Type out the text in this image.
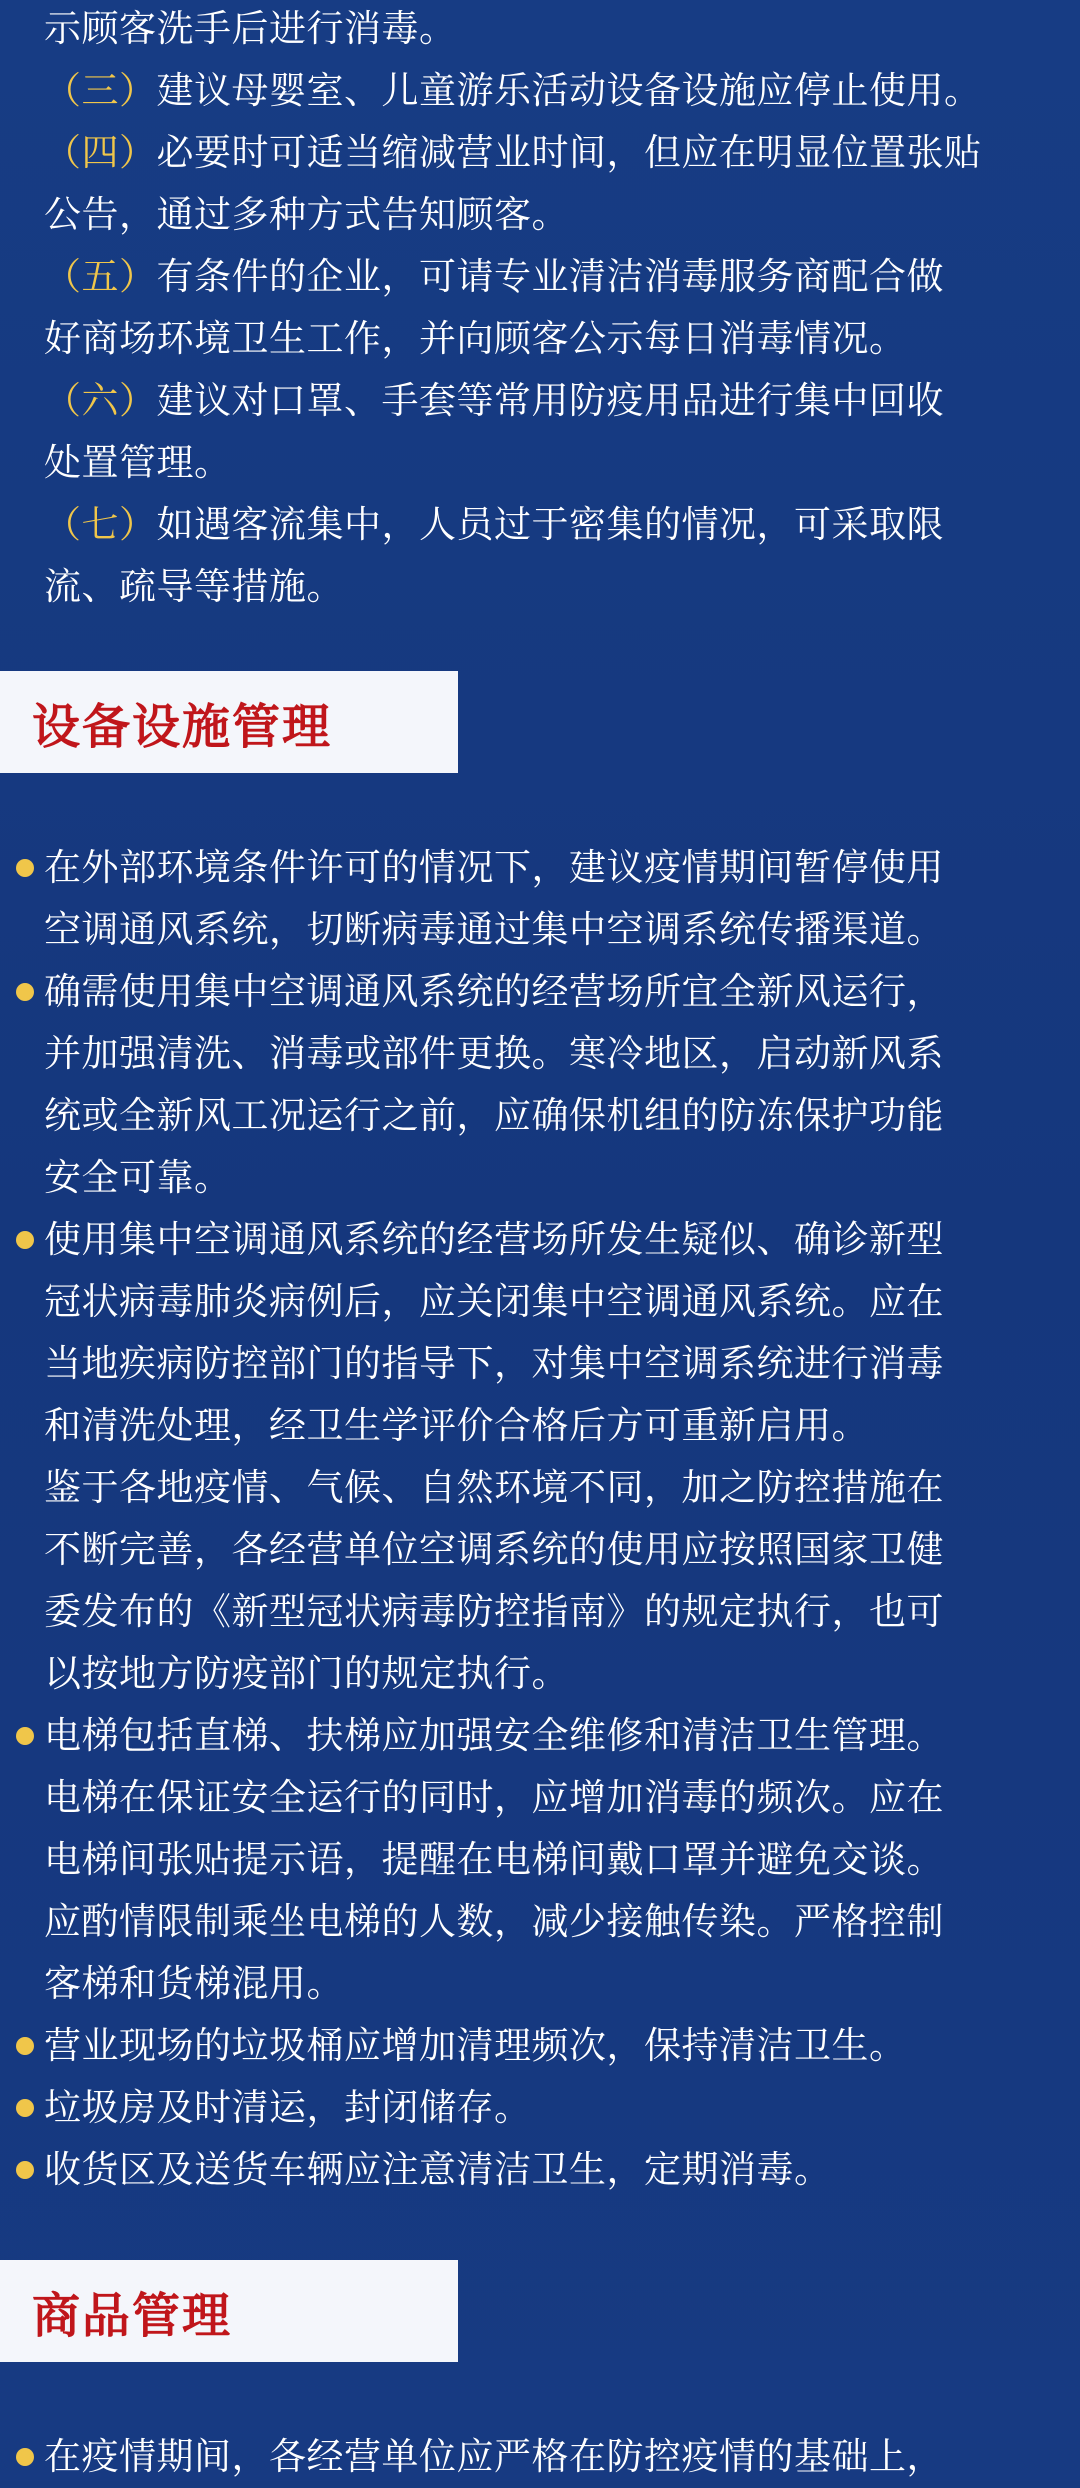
示顾客洗手后进行消毒。
（三）建议母婴室、儿童游乐活动设备设施应停止使用。
（四）必要时可适当缩减营业时间，但应在明显位置张贴
公告，通过多种方式告知顾客。
（五）有条件的企业，可请专业清洁消毒服务商配合做
好商场环境卫生工作，并向顾客公示每日消毒情况。
（六）建议对口罩、手套等常用防疫用品进行集中回收
处置管理。
（七）如遇客流集中，人员过于密集的情况，可采取限
流、疏导等措施。
设备设施管理
在外部环境条件许可的情况下，建议疫情期间暂停使用
空调通风系统，切断病毒通过集中空调系统传播渠道。
确需使用集中空调通风系统的经营场所宜全新风运行，
并加强清洗、消毒或部件更换。寒冷地区，启动新风系
统或全新风工况运行之前，应确保机组的防冻保护功能
安全可靠。
使用集中空调通风系统的经营场所发生疑似、确诊新型
冠状病毒肺炎病例后，应关闭集中空调通风系统。应在
当地疾病防控部门的指导下，对集中空调系统进行消毒
和清洗处理，经卫生学评价合格后方可重新启用。
鉴于各地疫情、气候、自然环境不同，加之防控措施在
不断完善，各经营单位空调系统的使用应按照国家卫健
委发布的《新型冠状病毒防控指南》的规定执行，也可
以按地方防疫部门的规定执行。
电梯包括直梯、扶梯应加强安全维修和清洁卫生管理。
电梯在保证安全运行的同时，应增加消毒的频次。应在
电梯间张贴提示语，提醒在电梯间戴口罩并避免交谈。
应酌情限制乘坐电梯的人数，减少接触传染。严格控制
客梯和货梯混用。
营业现场的垃圾桶应增加清理频次，保持清洁卫生。
垃圾房及时清运，封闭储存。
收货区及送货车辆应注意清洁卫生，定期消毒。
商品管理
在疫情期间，各经营单位应严格在防控疫情的基础上，
